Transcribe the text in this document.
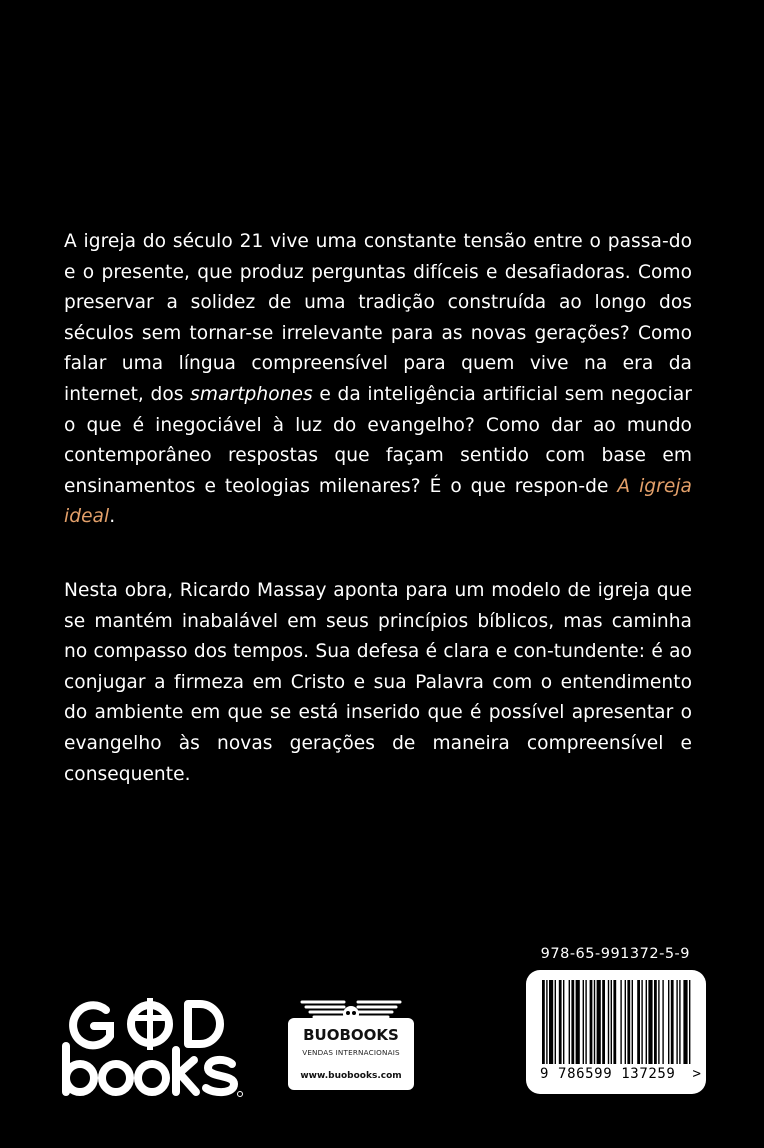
A igreja do século 21 vive uma constante tensão entre o passa-do e o presente, que produz perguntas difíceis e desafiadoras. Como preservar a solidez de uma tradição construída ao longo dos séculos sem tornar-se irrelevante para as novas gerações? Como falar uma língua compreensível para quem vive na era da internet, dos smartphones e da inteligência artificial sem negociar o que é inegociável à luz do evangelho? Como dar ao mundo contemporâneo respostas que façam sentido com base em ensinamentos e teologias milenares? É o que respon-de A igreja ideal.

Nesta obra, Ricardo Massay aponta para um modelo de igreja que se mantém inabalável em seus princípios bíblicos, mas caminha no compasso dos tempos. Sua defesa é clara e con-tundente: é ao conjugar a firmeza em Cristo e sua Palavra com o entendimento do ambiente em que se está inserido que é possível apresentar o evangelho às novas gerações de maneira compreensível e consequente.

978-65-991372-5-9
9 786599 137259 >
BUOBOOKS
VENDAS INTERNACIONAIS
www.buobooks.com
